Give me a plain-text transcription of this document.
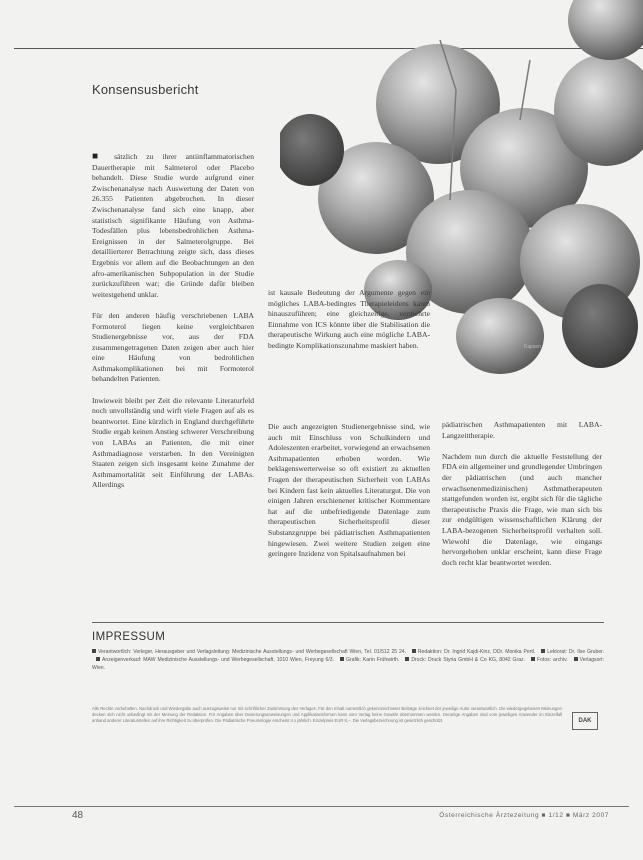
Konsensusbericht
Kapsen

■ sätzlich zu ihrer antiinflammatorischen Dauertherapie mit Salmeterol oder Placebo behandelt. Diese Studie wurde aufgrund einer Zwischenanalyse nach Auswertung der Daten von 26.355 Patienten abgebrochen. In dieser Zwischenanalyse fand sich eine knapp, aber statistisch signifikante Häufung von Asthma-Todesfällen plus lebensbedrohlichen Asthma-Ereignissen in der Salmeterolgruppe. Bei detaillierterer Betrachtung zeigte sich, dass dieses Ergebnis vor allem auf die Beobachtungen an den afro-amerikanischen Subpopulation in der Studie zurückzuführen war; die Gründe dafür bleiben weitestgehend unklar.

Für den anderen häufig verschriebenen LABA Formoterol liegen keine vergleichbaren Studienergebnisse vor, aus der FDA zusammengetragenen Daten zeigen aber auch hier eine Häufung von bedrohlichen Asthmakomplikationen bei mit Formoterol behandelten Patienten.

Inwieweit bleibt per Zeit die relevante Literaturfeld noch unvollständig und wirft viele Fragen auf als es beantwortet. Eine kürzlich in England durchgeführte Studie ergab keinen Anstieg schwerer Verschreibung von LABAs an Patienten, die mit einer Asthmadiagnose verstarben. In den Vereinigten Staaten zeigen sich insgesamt keine Zunahme der Asthmamortalität seit Einführung der LABAs. Allerdings

ist kausale Bedeutung der Argumente gegen ein mögliches LABA-bedingtes Therapieleidens kaum hinauszuführen; eine gleichzeitige, vermehrte Einnahme von ICS könnte über die Stabilisation die therapeutische Wirkung auch eine mögliche LABA-bedingte Komplikationszunahme maskiert haben.

Die auch angezeigten Studienergebnisse sind, wie auch mit Einschluss von Schulkindern und Adoleszenten erarbeitet, vorwiegend an erwachsenen Asthmapatienten erhoben worden. Wie beklagenswerterweise so oft existiert zu aktuellen Fragen der therapeutischen Sicherheit von LABAs bei Kindern fast kein aktuelles Literaturgut. Die von einigen Jahren erschienener kritischer Kommentare hat auf die unbefriedigende Datenlage zum therapeutischen Sicherheitsprofil dieser Substanzgruppe bei pädiatrischen Asthmapatienten hingewiesen. Zwei weitere Studien zeigen eine geringere Inzidenz von Spitalsaufnahmen bei

pädiatrischen Asthmapatienten mit LABA-Langzeittherapie.

Nachdem nun durch die aktuelle Feststellung der FDA ein allgemeiner und grundlegender Umbringen der pädiatrischen (und auch mancher erwachsenenmedizinischen) Asthmatherapeuten stattgefunden worden ist, ergibt sich für die tägliche therapeutische Praxis die Frage, wie man sich bis zur endgültigen wissenschaftlichen Klärung der LABA-bezogenen Sicherheitsprofil verhalten soll. Wiewohl die Datenlage, wie eingangs hervorgehoben unklar erscheint, kann diese Frage doch recht klar beantwortet werden.

IMPRESSUM
Verantwortlich: Verleger, Herausgeber und Verlagsleitung: Medizinische Ausstellungs- und Werbegesellschaft Wien, Tel. 01/512 25 24. Redaktion: Dr. Ingrid Kajdi-Kinz, DDr. Monika Pertl. Lektorat: Dr. Ilse Gruber. Anzeigenverkauf: MAW Medizinische Ausstellungs- und Werbegesellschaft, 1010 Wien, Freyung 6/3. Grafik: Karin Frühwirth. Druck: Druck Styria GmbH & Co KG, 8042 Graz. Fotos: archiv. Verlagsort: Wien.
Alle Rechte vorbehalten. Nachdruck und Wiedergabe auch auszugsweise nur mit schriftlicher Zustimmung des Verlages. Für den Inhalt namentlich gekennzeichneter Beiträge zeichnet der jeweilige Autor verantwortlich. Die wiedergegebenen Meinungen decken sich nicht unbedingt mit der Meinung der Redaktion. Für Angaben über Dosierungsanweisungen und Applikationsformen kann vom Verlag keine Gewähr übernommen werden. Derartige Angaben sind vom jeweiligen Anwender im Einzelfall anhand anderer Literaturstellen auf ihre Richtigkeit zu überprüfen. Die Pädiatrische Pneumologie erscheint 4 x jährlich. Einzelpreis EUR 8,–. Die Verlagsbezeichnung ist gesetzlich geschützt.	DAK
48	Österreichische Ärztezeitung ■ 1/12 ■ März 2007
